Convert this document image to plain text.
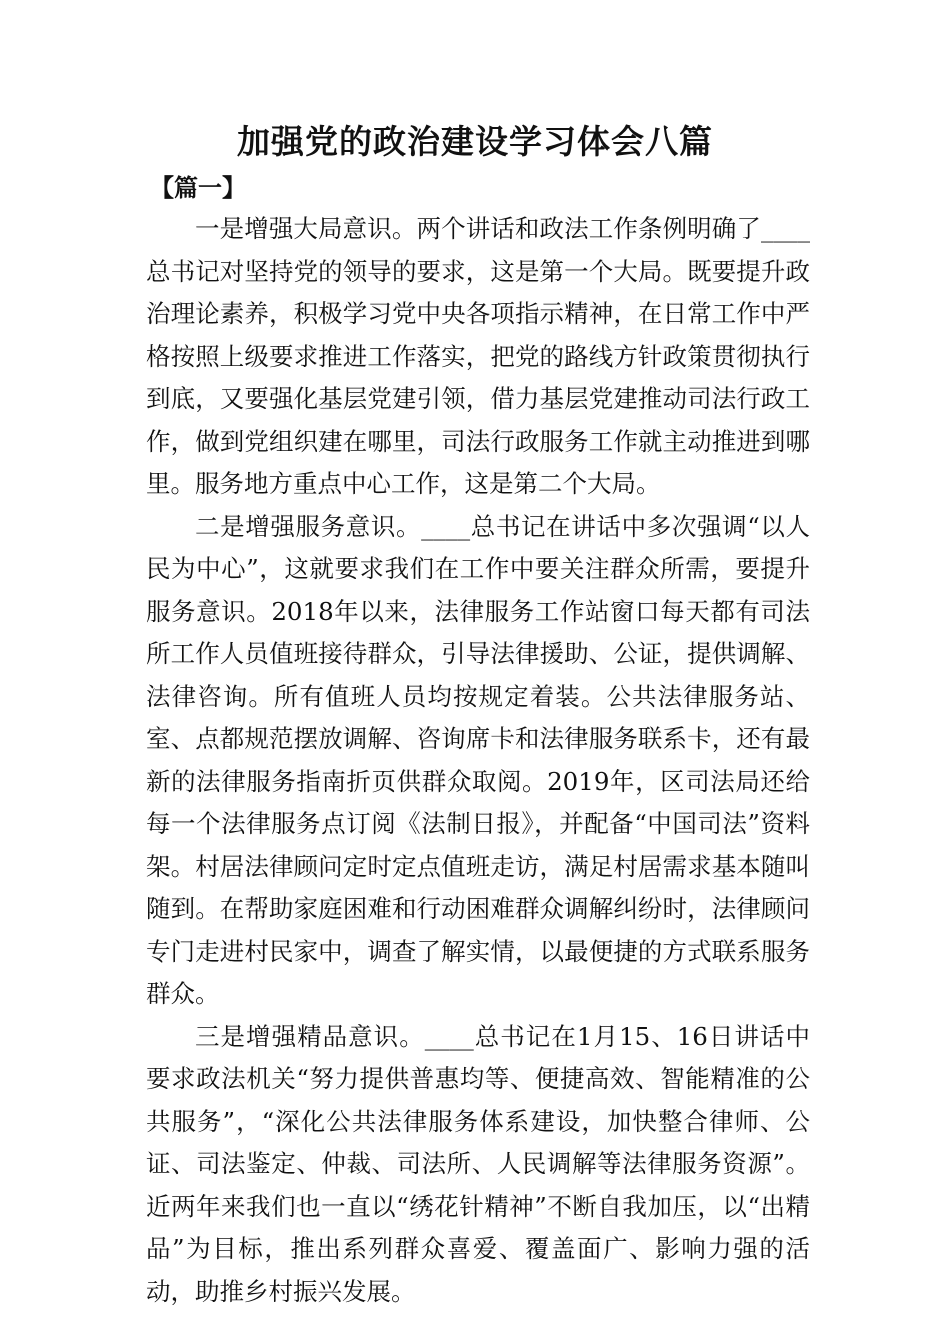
加强党的政治建设学习体会八篇
【篇一】

一是增强大局意识。两个讲话和政法工作条例明确了____总书记对坚持党的领导的要求，这是第一个大局。既要提升政治理论素养，积极学习党中央各项指示精神，在日常工作中严格按照上级要求推进工作落实，把党的路线方针政策贯彻执行到底，又要强化基层党建引领，借力基层党建推动司法行政工作，做到党组织建在哪里，司法行政服务工作就主动推进到哪里。服务地方重点中心工作，这是第二个大局。

二是增强服务意识。____总书记在讲话中多次强调“以人民为中心”，这就要求我们在工作中要关注群众所需，要提升服务意识。2018年以来，法律服务工作站窗口每天都有司法所工作人员值班接待群众，引导法律援助、公证，提供调解、法律咨询。所有值班人员均按规定着装。公共法律服务站、室、点都规范摆放调解、咨询席卡和法律服务联系卡，还有最新的法律服务指南折页供群众取阅。2019年，区司法局还给每一个法律服务点订阅《法制日报》，并配备“中国司法”资料架。村居法律顾问定时定点值班走访，满足村居需求基本随叫随到。在帮助家庭困难和行动困难群众调解纠纷时，法律顾问专门走进村民家中，调查了解实情，以最便捷的方式联系服务群众。

三是增强精品意识。____总书记在1月15、16日讲话中要求政法机关“努力提供普惠均等、便捷高效、智能精准的公共服务”，“深化公共法律服务体系建设，加快整合律师、公证、司法鉴定、仲裁、司法所、人民调解等法律服务资源”。近两年来我们也一直以“绣花针精神”不断自我加压，以“出精品”为目标，推出系列群众喜爱、覆盖面广、影响力强的活动，助推乡村振兴发展。
